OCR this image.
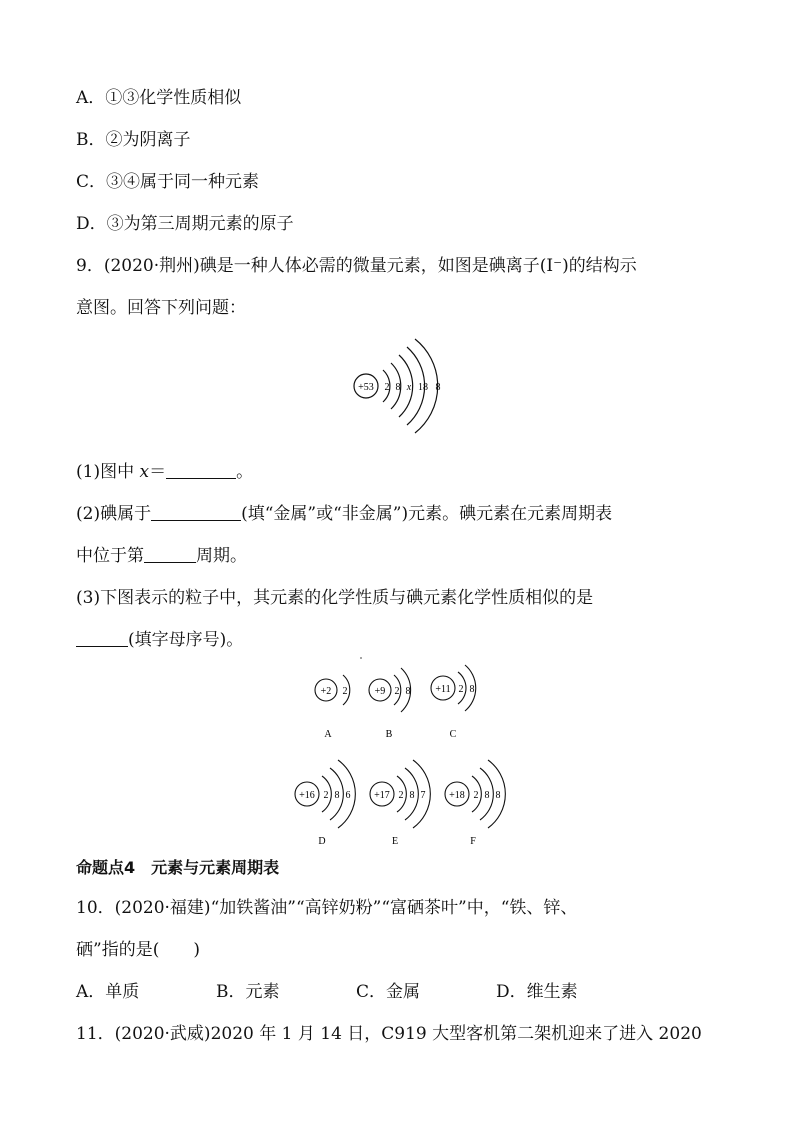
A．①③化学性质相似
B．②为阴离子
C．③④属于同一种元素
D．③为第三周期元素的原子
9．(2020·荆州)碘是一种人体必需的微量元素，如图是碘离子(I⁻)的结构示
意图。回答下列问题：
+53 2 8 x 18 8
(1)图中 x＝	。
(2)碘属于	(填“金属”或“非金属”)元素。碘元素在元素周期表
中位于第	周期。
(3)下图表示的粒子中，其元素的化学性质与碘元素化学性质相似的是
(填字母序号)。
+2 2
A
+9 2 8
B
+11 2 8
C
+16 2 8 6
D
+17 2 8 7
E
+18 2 8 8
F
命题点4　元素与元素周期表
10．(2020·福建)“加铁酱油”“高锌奶粉”“富硒茶叶”中，“铁、锌、
硒”指的是(　　)
A．单质	B．元素	C．金属	D．维生素
11．(2020·武威)2020 年 1 月 14 日，C919 大型客机第二架机迎来了进入 2020
